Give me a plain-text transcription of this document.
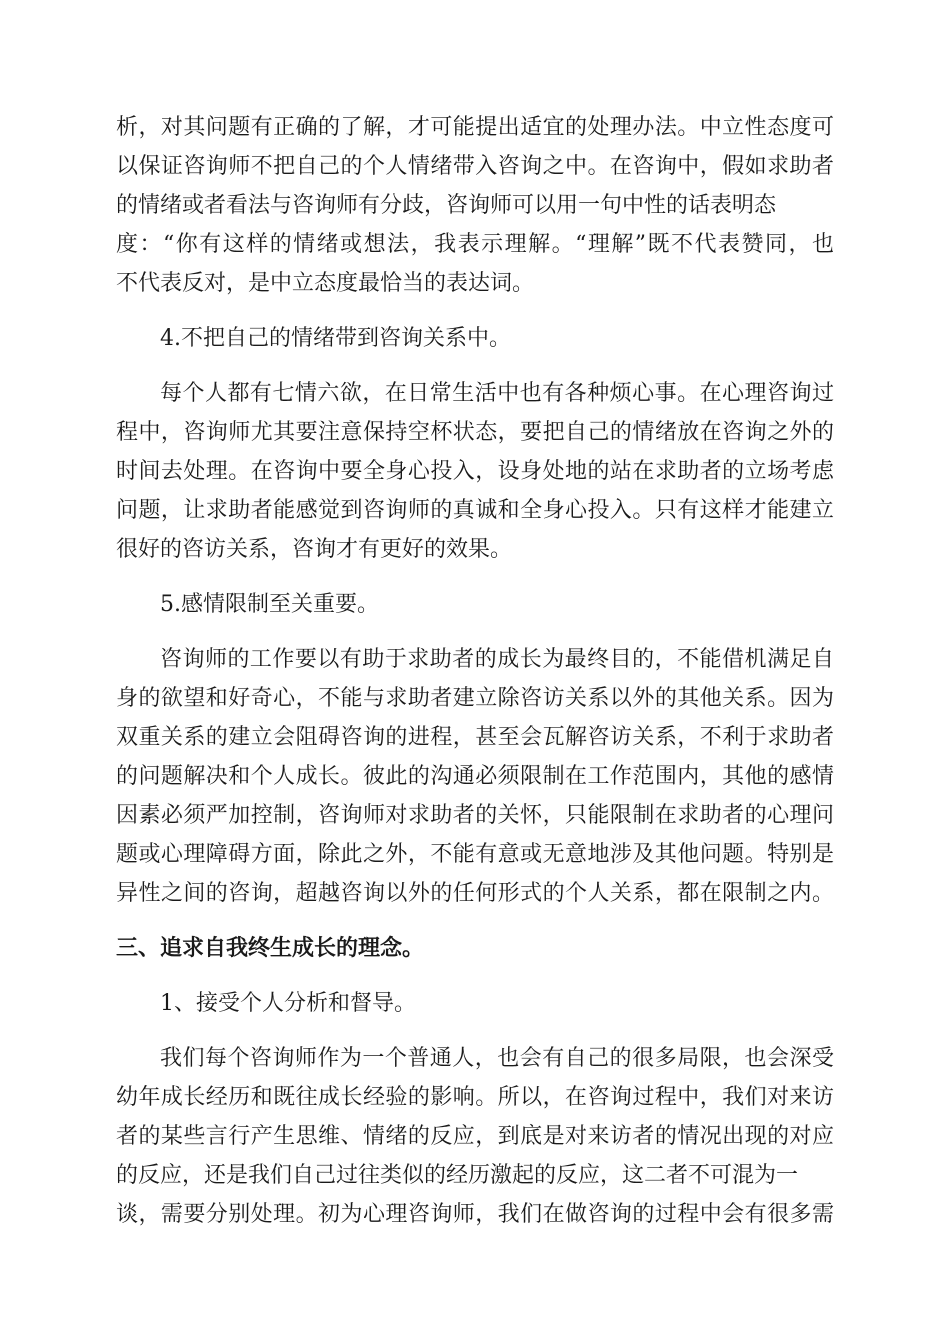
析，对其问题有正确的了解，才可能提出适宜的处理办法。中立性态度可
以保证咨询师不把自己的个人情绪带入咨询之中。在咨询中，假如求助者
的情绪或者看法与咨询师有分歧，咨询师可以用一句中性的话表明态
度：“你有这样的情绪或想法，我表示理解。“理解”既不代表赞同，也
不代表反对，是中立态度最恰当的表达词。
4.不把自己的情绪带到咨询关系中。
每个人都有七情六欲，在日常生活中也有各种烦心事。在心理咨询过
程中，咨询师尤其要注意保持空杯状态，要把自己的情绪放在咨询之外的
时间去处理。在咨询中要全身心投入，设身处地的站在求助者的立场考虑
问题，让求助者能感觉到咨询师的真诚和全身心投入。只有这样才能建立
很好的咨访关系，咨询才有更好的效果。
5.感情限制至关重要。
咨询师的工作要以有助于求助者的成长为最终目的，不能借机满足自
身的欲望和好奇心，不能与求助者建立除咨访关系以外的其他关系。因为
双重关系的建立会阻碍咨询的进程，甚至会瓦解咨访关系，不利于求助者
的问题解决和个人成长。彼此的沟通必须限制在工作范围内，其他的感情
因素必须严加控制，咨询师对求助者的关怀，只能限制在求助者的心理问
题或心理障碍方面，除此之外，不能有意或无意地涉及其他问题。特别是
异性之间的咨询，超越咨询以外的任何形式的个人关系，都在限制之内。
三、追求自我终生成长的理念。
1、接受个人分析和督导。
我们每个咨询师作为一个普通人，也会有自己的很多局限，也会深受
幼年成长经历和既往成长经验的影响。所以，在咨询过程中，我们对来访
者的某些言行产生思维、情绪的反应，到底是对来访者的情况出现的对应
的反应，还是我们自己过往类似的经历激起的反应，这二者不可混为一
谈，需要分别处理。初为心理咨询师，我们在做咨询的过程中会有很多需
